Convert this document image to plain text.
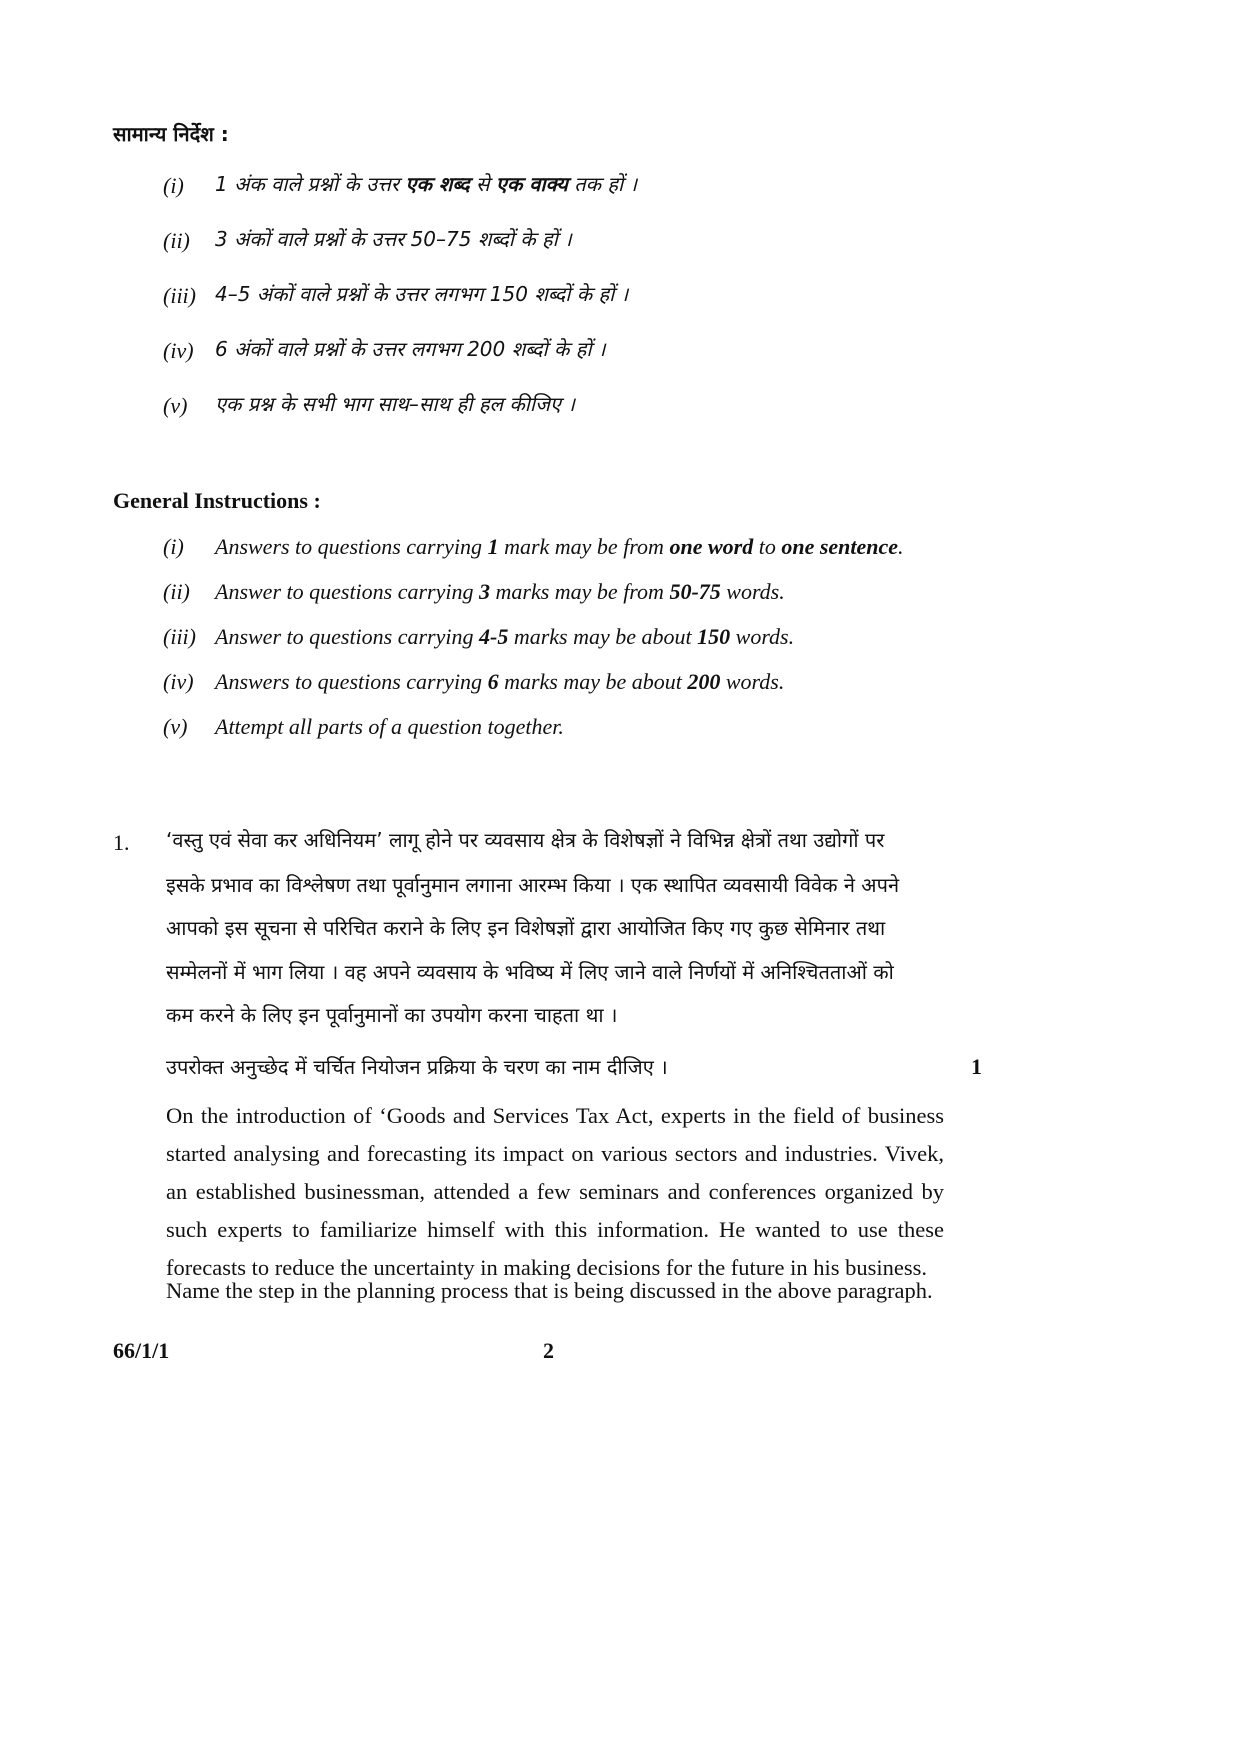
सामान्य निर्देश :
(i) 1 अंक वाले प्रश्नों के उत्तर एक शब्द से एक वाक्य तक हों ।
(ii) 3 अंकों वाले प्रश्नों के उत्तर 50–75 शब्दों के हों ।
(iii) 4–5 अंकों वाले प्रश्नों के उत्तर लगभग 150 शब्दों के हों ।
(iv) 6 अंकों वाले प्रश्नों के उत्तर लगभग 200 शब्दों के हों ।
(v) एक प्रश्न के सभी भाग साथ–साथ ही हल कीजिए ।
General Instructions :
(i) Answers to questions carrying 1 mark may be from one word to one sentence.
(ii) Answer to questions carrying 3 marks may be from 50-75 words.
(iii) Answer to questions carrying 4-5 marks may be about 150 words.
(iv) Answers to questions carrying 6 marks may be about 200 words.
(v) Attempt all parts of a question together.
1. ‘वस्तु एवं सेवा कर अधिनियम’ लागू होने पर व्यवसाय क्षेत्र के विशेषज्ञों ने विभिन्न क्षेत्रों तथा उद्योगों पर
इसके प्रभाव का विश्लेषण तथा पूर्वानुमान लगाना आरम्भ किया । एक स्थापित व्यवसायी विवेक ने अपने
आपको इस सूचना से परिचित कराने के लिए इन विशेषज्ञों द्वारा आयोजित किए गए कुछ सेमिनार तथा
सम्मेलनों में भाग लिया । वह अपने व्यवसाय के भविष्य में लिए जाने वाले निर्णयों में अनिश्चितताओं को
कम करने के लिए इन पूर्वानुमानों का उपयोग करना चाहता था ।
उपरोक्त अनुच्छेद में चर्चित नियोजन प्रक्रिया के चरण का नाम दीजिए ।	1
On the introduction of ‘Goods and Services Tax Act, experts in the field of business started analysing and forecasting its impact on various sectors and industries. Vivek, an established businessman, attended a few seminars and conferences organized by such experts to familiarize himself with this information. He wanted to use these forecasts to reduce the uncertainty in making decisions for the future in his business.
Name the step in the planning process that is being discussed in the above paragraph.
66/1/1	2
